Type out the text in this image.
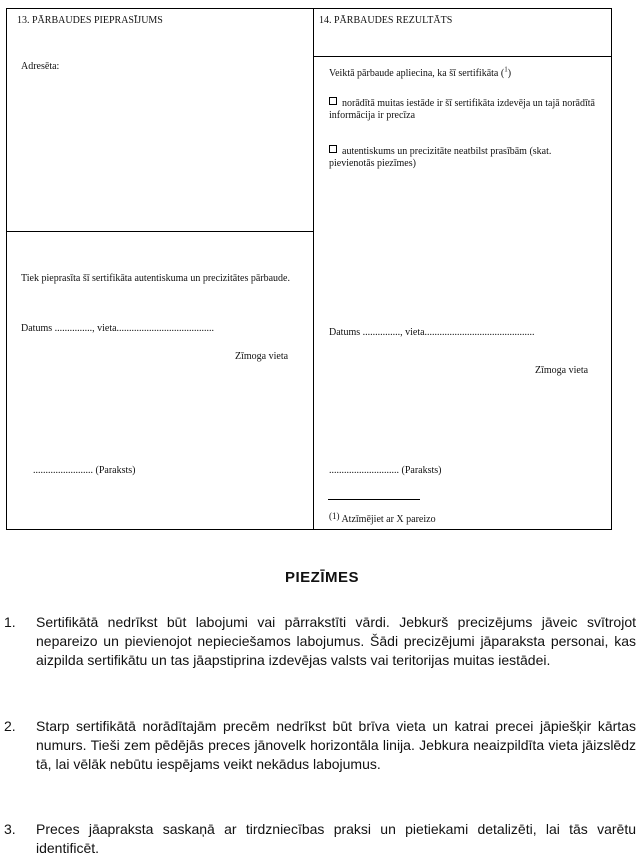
13. PĀRBAUDES PIEPRASĪJUMS
Adresēta:
Tiek pieprasīta šī sertifikāta autentiskuma un precizitātes pārbaude.
Datums ..............., vieta.......................................
Zīmoga vieta
........................ (Paraksts)
14. PĀRBAUDES REZULTĀTS
Veiktā pārbaude apliecina, ka šī sertifikāta ($^1$)
norādītā muitas iestāde ir šī sertifikāta izdevēja un tajā norādītā informācija ir precīza
autentiskums un precizitāte neatbilst prasībām (skat. pievienotās piezīmes)
Datums ..............., vieta............................................
Zīmoga vieta
............................ (Paraksts)
(1) Atzīmējiet ar X pareizo
PIEZĪMES
1.	Sertifikātā nedrīkst būt labojumi vai pārrakstīti vārdi. Jebkurš precizējums jāveic svītrojot nepareizo un pievienojot nepieciešamos labojumus. Šādi precizējumi jāparaksta personai, kas aizpilda sertifikātu un tas jāapstiprina izdevējas valsts vai teritorijas muitas iestādei.
2.	Starp sertifikātā norādītajām precēm nedrīkst būt brīva vieta un katrai precei jāpiešķir kārtas numurs. Tieši zem pēdējās preces jānovelk horizontāla linija. Jebkura neaizpildīta vieta jāizslēdz tā, lai vēlāk nebūtu iespējams veikt nekādus labojumus.
3.	Preces jāapraksta saskaņā ar tirdzniecības praksi un pietiekami detalizēti, lai tās varētu identificēt.
